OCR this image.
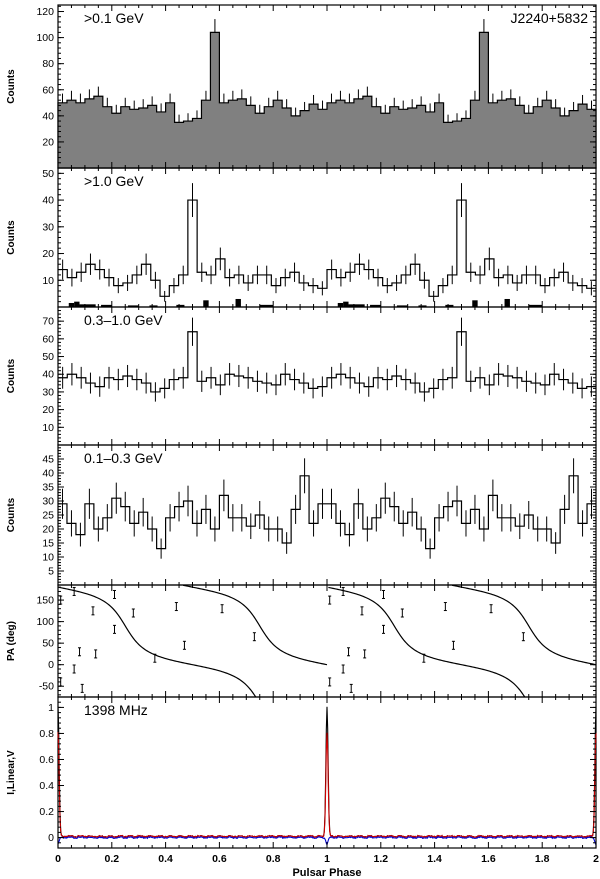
20
40
60
80
100
120 >0.1 GeV	J2240+5832
Counts
10
20
30
40
50 >1.0 GeV
Counts
10
20
30
40
50
60
70 0.3–1.0 GeV
Counts
5
10
15
20
25
30
35
40
45 0.1–0.3 GeV
Counts
-50
0
50
100
150
PA (deg)
0
0.2
0.4
0.6
0.8
1 1398 MHz
I,Linear,V
0	0.2	0.4	0.6	0.8	1	1.2	1.4	1.6	1.8	2
Pulsar Phase
